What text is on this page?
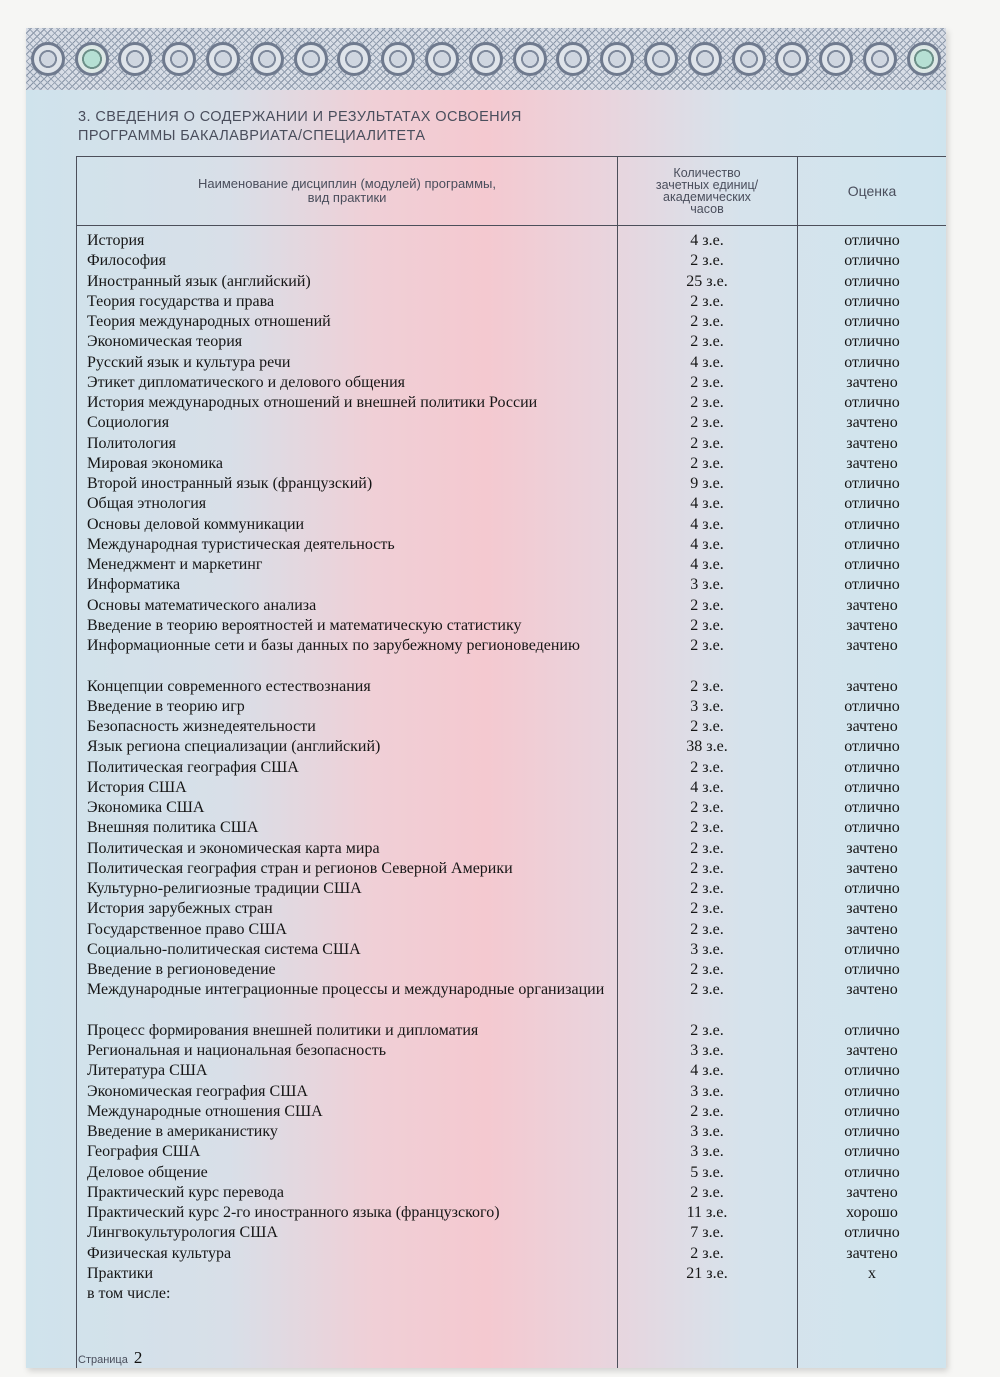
3. СВЕДЕНИЯ О СОДЕРЖАНИИ И РЕЗУЛЬТАТАХ ОСВОЕНИЯ
ПРОГРАММЫ БАКАЛАВРИАТА/СПЕЦИАЛИТЕТА
Наименование дисциплин (модулей) программы,
вид практики
Количество
зачетных единиц/
академических
часов
Оценка
История	4 з.е.	отлично
Философия	2 з.е.	отлично
Иностранный язык (английский)	25 з.е.	отлично
Теория государства и права	2 з.е.	отлично
Теория международных отношений	2 з.е.	отлично
Экономическая теория	2 з.е.	отлично
Русский язык и культура речи	4 з.е.	отлично
Этикет дипломатического и делового общения	2 з.е.	зачтено
История международных отношений и внешней политики России	2 з.е.	отлично
Социология	2 з.е.	зачтено
Политология	2 з.е.	зачтено
Мировая экономика	2 з.е.	зачтено
Второй иностранный язык (французский)	9 з.е.	отлично
Общая этнология	4 з.е.	отлично
Основы деловой коммуникации	4 з.е.	отлично
Международная туристическая деятельность	4 з.е.	отлично
Менеджмент и маркетинг	4 з.е.	отлично
Информатика	3 з.е.	отлично
Основы математического анализа	2 з.е.	зачтено
Введение в теорию вероятностей и математическую статистику	2 з.е.	зачтено
Информационные сети и базы данных по зарубежному регионоведению	2 з.е.	зачтено
Концепции современного естествознания	2 з.е.	зачтено
Введение в теорию игр	3 з.е.	отлично
Безопасность жизнедеятельности	2 з.е.	зачтено
Язык региона специализации (английский)	38 з.е.	отлично
Политическая география США	2 з.е.	отлично
История США	4 з.е.	отлично
Экономика США	2 з.е.	отлично
Внешняя политика США	2 з.е.	отлично
Политическая и экономическая карта мира	2 з.е.	зачтено
Политическая география стран и регионов Северной Америки	2 з.е.	зачтено
Культурно-религиозные традиции США	2 з.е.	отлично
История зарубежных стран	2 з.е.	зачтено
Государственное право США	2 з.е.	зачтено
Социально-политическая система США	3 з.е.	отлично
Введение в регионоведение	2 з.е.	отлично
Международные интеграционные процессы и международные организации	2 з.е.	зачтено
Процесс формирования внешней политики и дипломатия	2 з.е.	отлично
Региональная и национальная безопасность	3 з.е.	зачтено
Литература США	4 з.е.	отлично
Экономическая география США	3 з.е.	отлично
Международные отношения США	2 з.е.	отлично
Введение в американистику	3 з.е.	отлично
География США	3 з.е.	отлично
Деловое общение	5 з.е.	отлично
Практический курс перевода	2 з.е.	зачтено
Практический курс 2-го иностранного языка (французского)	11 з.е.	хорошо
Лингвокультурология США	7 з.е.	отлично
Физическая культура	2 з.е.	зачтено
Практики	21 з.е.	х
в том числе:
Страница 2
